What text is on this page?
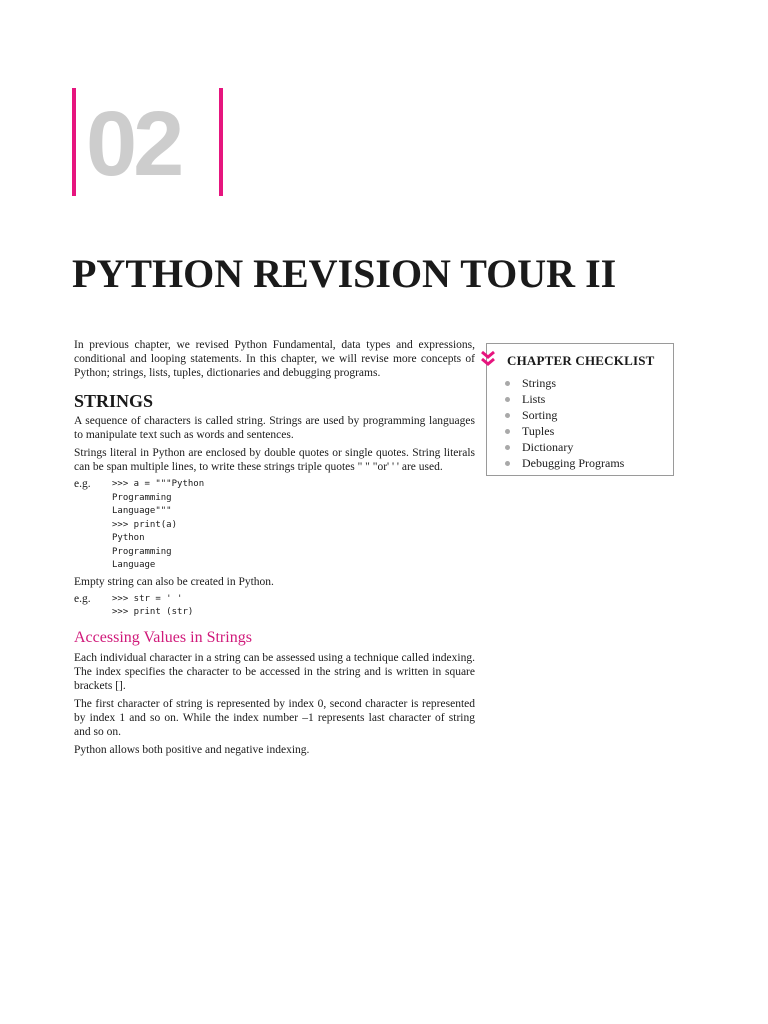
02
PYTHON REVISION TOUR II

In previous chapter, we revised Python Fundamental, data types and expressions, conditional and looping statements. In this chapter, we will revise more concepts of Python; strings, lists, tuples, dictionaries and debugging programs.

STRINGS

A sequence of characters is called string. Strings are used by programming languages to manipulate text such as words and sentences.

Strings literal in Python are enclosed by double quotes or single quotes. String literals can be span multiple lines, to write these strings triple quotes " " "or' ' ' are used.

e.g.	>>> a = """Python
Programming
Language"""
>>> print(a)
Python
Programming
Language

Empty string can also be created in Python.

e.g.	>>> str = ' '
>>> print (str)
Accessing Values in Strings

Each individual character in a string can be assessed using a technique called indexing. The index specifies the character to be accessed in the string and is written in square brackets [].

The first character of string is represented by index 0, second character is represented by index 1 and so on. While the index number –1 represents last character of string and so on.

Python allows both positive and negative indexing.

CHAPTER CHECKLIST
Strings
Lists
Sorting
Tuples
Dictionary
Debugging Programs
